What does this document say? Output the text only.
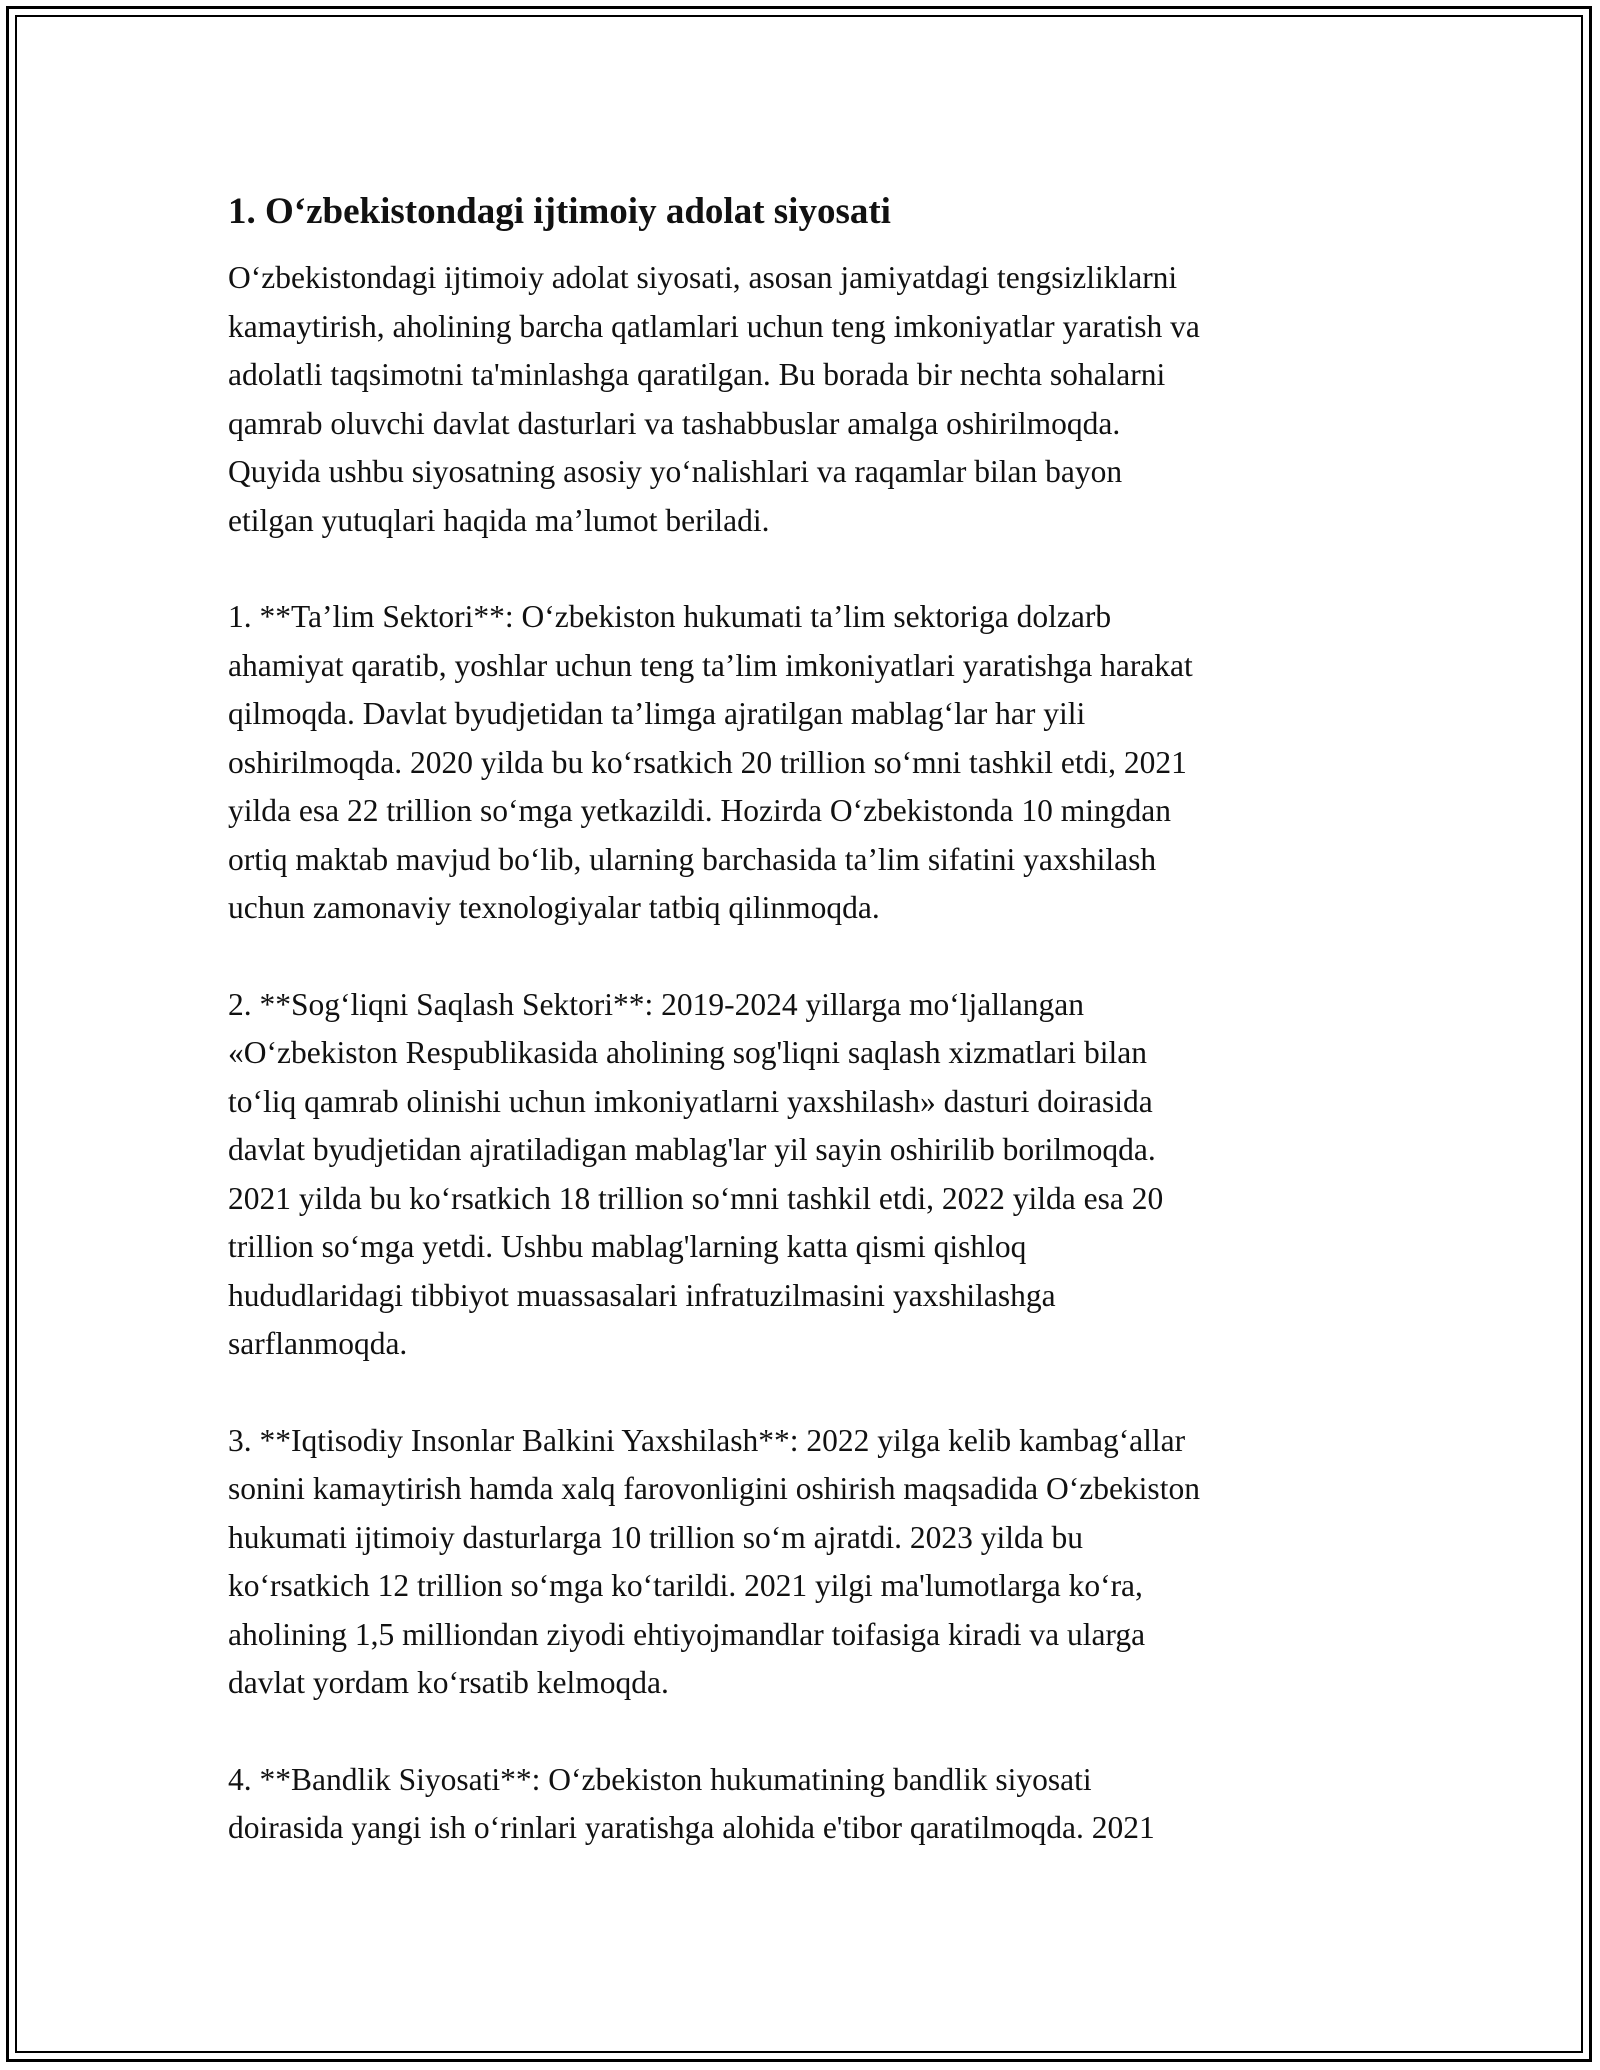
1. O‘zbekistondagi ijtimoiy adolat siyosati
O‘zbekistondagi ijtimoiy adolat siyosati, asosan jamiyatdagi tengsizliklarni
kamaytirish, aholining barcha qatlamlari uchun teng imkoniyatlar yaratish va
adolatli taqsimotni ta'minlashga qaratilgan. Bu borada bir nechta sohalarni
qamrab oluvchi davlat dasturlari va tashabbuslar amalga oshirilmoqda.
Quyida ushbu siyosatning asosiy yo‘nalishlari va raqamlar bilan bayon
etilgan yutuqlari haqida ma’lumot beriladi.
1. **Ta’lim Sektori**: O‘zbekiston hukumati ta’lim sektoriga dolzarb
ahamiyat qaratib, yoshlar uchun teng ta’lim imkoniyatlari yaratishga harakat
qilmoqda. Davlat byudjetidan ta’limga ajratilgan mablag‘lar har yili
oshirilmoqda. 2020 yilda bu ko‘rsatkich 20 trillion so‘mni tashkil etdi, 2021
yilda esa 22 trillion so‘mga yetkazildi. Hozirda O‘zbekistonda 10 mingdan
ortiq maktab mavjud bo‘lib, ularning barchasida ta’lim sifatini yaxshilash
uchun zamonaviy texnologiyalar tatbiq qilinmoqda.
2. **Sog‘liqni Saqlash Sektori**: 2019-2024 yillarga mo‘ljallangan
«O‘zbekiston Respublikasida aholining sog'liqni saqlash xizmatlari bilan
to‘liq qamrab olinishi uchun imkoniyatlarni yaxshilash» dasturi doirasida
davlat byudjetidan ajratiladigan mablag'lar yil sayin oshirilib borilmoqda.
2021 yilda bu ko‘rsatkich 18 trillion so‘mni tashkil etdi, 2022 yilda esa 20
trillion so‘mga yetdi. Ushbu mablag'larning katta qismi qishloq
hududlaridagi tibbiyot muassasalari infratuzilmasini yaxshilashga
sarflanmoqda.
3. **Iqtisodiy Insonlar Balkini Yaxshilash**: 2022 yilga kelib kambag‘allar
sonini kamaytirish hamda xalq farovonligini oshirish maqsadida O‘zbekiston
hukumati ijtimoiy dasturlarga 10 trillion so‘m ajratdi. 2023 yilda bu
ko‘rsatkich 12 trillion so‘mga ko‘tarildi. 2021 yilgi ma'lumotlarga ko‘ra,
aholining 1,5 milliondan ziyodi ehtiyojmandlar toifasiga kiradi va ularga
davlat yordam ko‘rsatib kelmoqda.
4. **Bandlik Siyosati**: O‘zbekiston hukumatining bandlik siyosati
doirasida yangi ish o‘rinlari yaratishga alohida e'tibor qaratilmoqda. 2021
